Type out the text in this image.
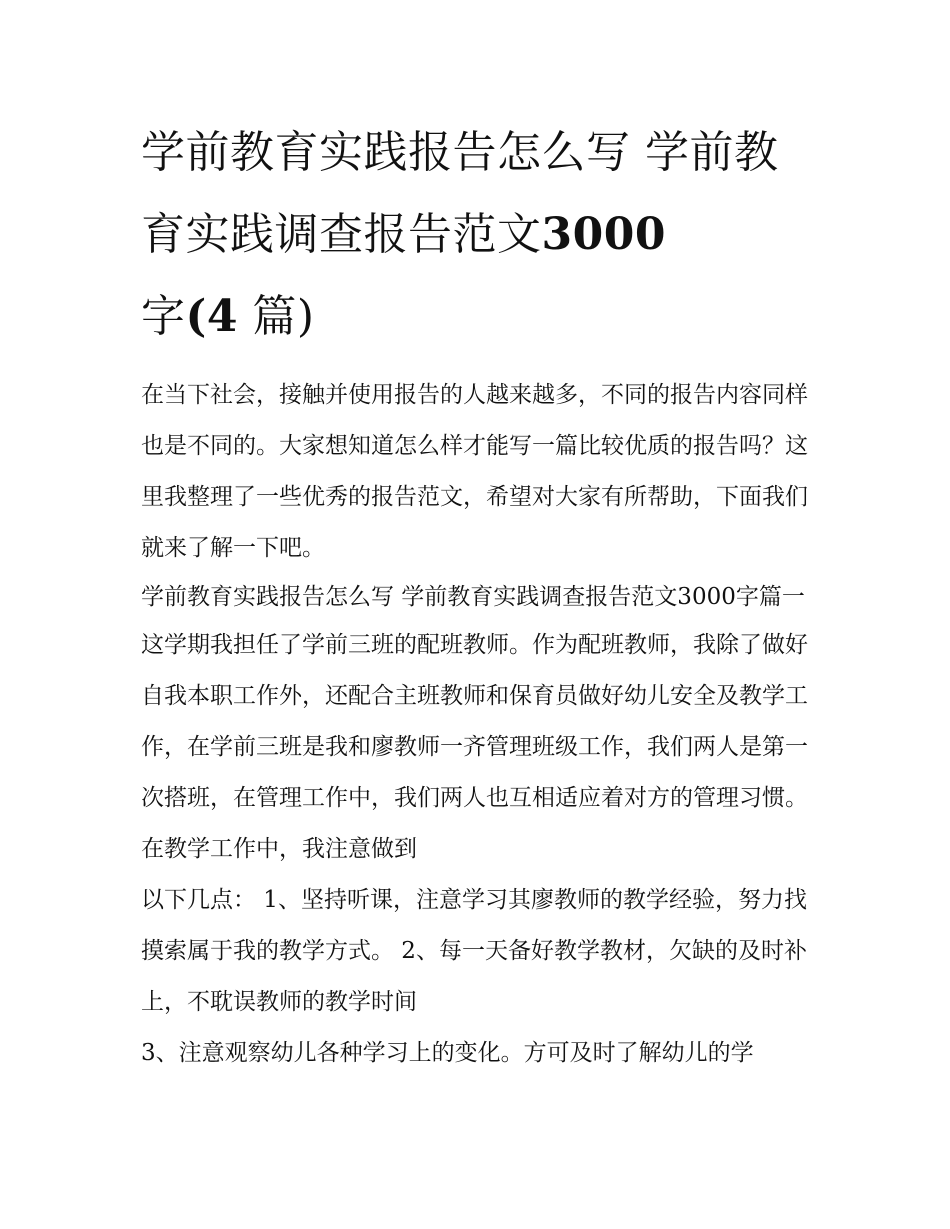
学前教育实践报告怎么写 学前教育实践调查报告范文3000
字(4 篇)

在当下社会，接触并使用报告的人越来越多，不同的报告内容同样也是不同的。大家想知道怎么样才能写一篇比较优质的报告吗？这里我整理了一些优秀的报告范文，希望对大家有所帮助，下面我们就来了解一下吧。

学前教育实践报告怎么写 学前教育实践调查报告范文3000字篇一

这学期我担任了学前三班的配班教师。作为配班教师，我除了做好自我本职工作外，还配合主班教师和保育员做好幼儿安全及教学工作，在学前三班是我和廖教师一齐管理班级工作，我们两人是第一次搭班，在管理工作中，我们两人也互相适应着对方的管理习惯。在教学工作中，我注意做到

以下几点： 1、坚持听课，注意学习其廖教师的教学经验，努力找摸索属于我的教学方式。 2、每一天备好教学教材，欠缺的及时补上，不耽误教师的教学时间

3、注意观察幼儿各种学习上的变化。方可及时了解幼儿的学
